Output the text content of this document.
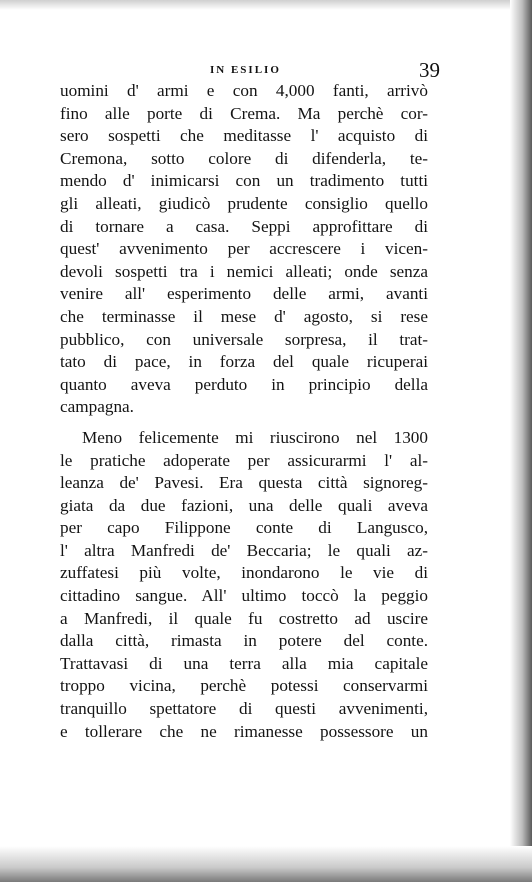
IN ESILIO	39
uomini d' armi e con 4,000 fanti, arrivò
fino alle porte di Crema. Ma perchè cor-
sero sospetti che meditasse l' acquisto di
Cremona, sotto colore di difenderla, te-
mendo d' inimicarsi con un tradimento tutti
gli alleati, giudicò prudente consiglio quello
di tornare a casa. Seppi approfittare di
quest' avvenimento per accrescere i vicen-
devoli sospetti tra i nemici alleati; onde senza
venire all' esperimento delle armi, avanti
che terminasse il mese d' agosto, si rese
pubblico, con universale sorpresa, il trat-
tato di pace, in forza del quale ricuperai
quanto aveva perduto in principio della
campagna.
Meno felicemente mi riuscirono nel 1300
le pratiche adoperate per assicurarmi l' al-
leanza de' Pavesi. Era questa città signoreg-
giata da due fazioni, una delle quali aveva
per capo Filippone conte di Langusco,
l' altra Manfredi de' Beccaria; le quali az-
zuffatesi più volte, inondarono le vie di
cittadino sangue. All' ultimo toccò la peggio
a Manfredi, il quale fu costretto ad uscire
dalla città, rimasta in potere del conte.
Trattavasi di una terra alla mia capitale
troppo vicina, perchè potessi conservarmi
tranquillo spettatore di questi avvenimenti,
e tollerare che ne rimanesse possessore un
